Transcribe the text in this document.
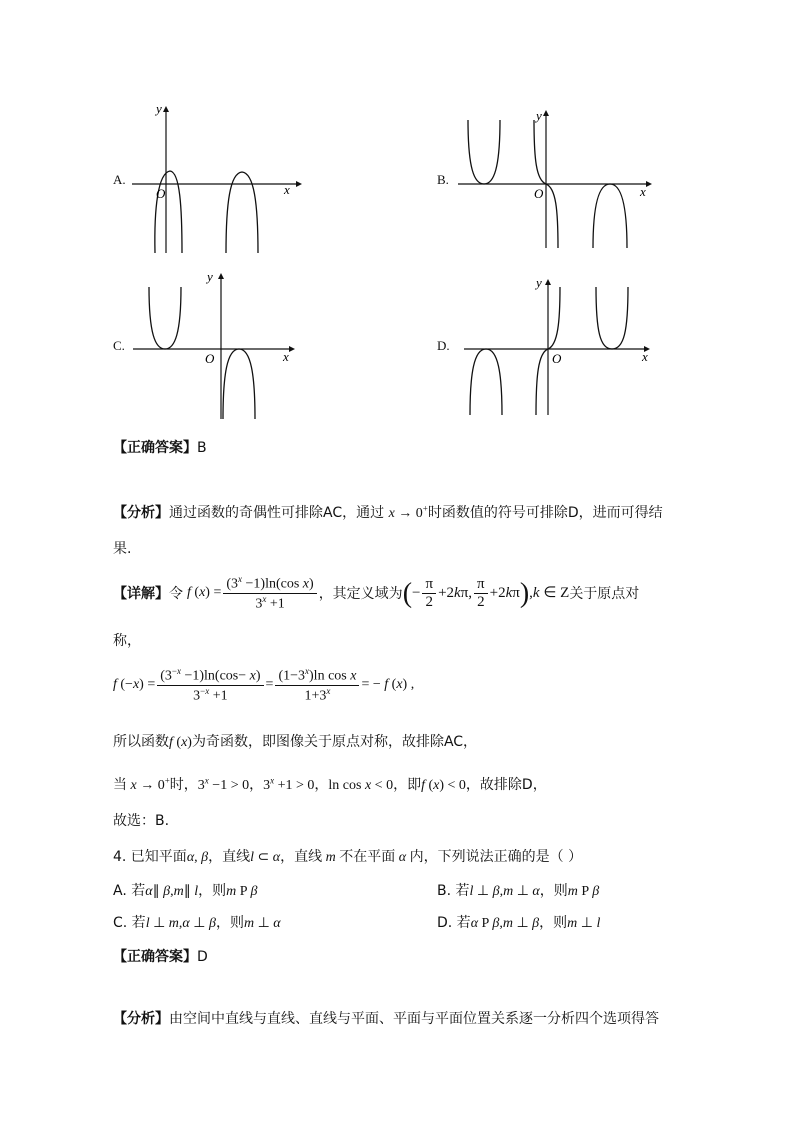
A.
y
x
O
B.
y
x
O
C.
y
x
O
D.
y
x
O
【正确答案】B
【分析】通过函数的奇偶性可排除AC，通过 x → 0+时函数值的符号可排除D，进而可得结
果.
【详解】 令 f $(x) = \frac{(3^x -1)\ln(\cos x)}{3^x +1}$ ，其定义域为 (− $\frac{\pi}{2} +2k\pi$, $\frac{\pi}{2} +2k\pi),k$ ∈ Z 关于原点对
称，
f $(-x) = \frac{(3^{-x} -1)\ln(\cos- x)}{3^{-x} +1} = \frac{(1-3^x)\ln \cos x}{1+3^x}$ = − f (x) ,
所以函数f (x)为奇函数，即图像关于原点对称，故排除AC，
当 x → 0+时，$3^x -1 > 0$，$3^x +1 > 0$，ln cos x < 0，即f (x) < 0，故排除D，
故选：B.
4. 已知平面α, β，直线l ⊂ α，直线 m 不在平面 α 内，下列说法正确的是（ ）
A. 若α∥ β,m∥ l，则m P β	B. 若l ⊥ β,m ⊥ α，则m P β
C. 若l ⊥ m,α ⊥ β，则m ⊥ α	D. 若α P β,m ⊥ β，则m ⊥ l
【正确答案】D
【分析】由空间中直线与直线、直线与平面、平面与平面位置关系逐一分析四个选项得答
